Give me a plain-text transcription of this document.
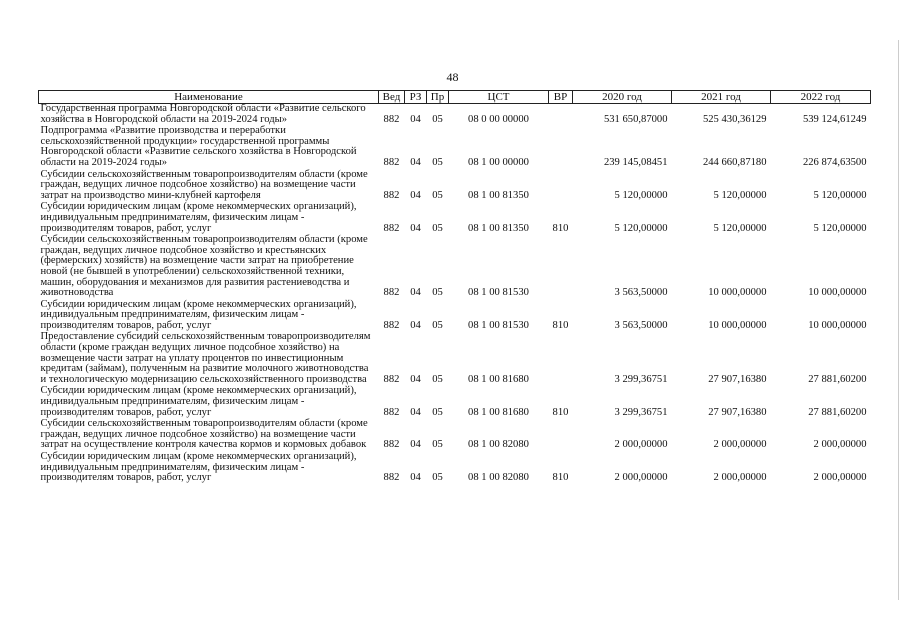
48
Наименование	Вед	РЗ	Пр	ЦСТ	ВР	2020 год	2021 год	2022 год
Государственная программа Новгородской области «Развитие сельского хозяйства в Новгородской области на 2019-2024 годы»	882	04	05	08 0 00 00000		531 650,87000	525 430,36129	539 124,61249
Подпрограмма «Развитие производства и переработки сельскохозяйственной продукции» государственной программы Новгородской области «Развитие сельского хозяйства в Новгородской области на 2019-2024 годы»	882	04	05	08 1 00 00000		239 145,08451	244 660,87180	226 874,63500
Субсидии сельскохозяйственным товаропроизводителям области (кроме граждан, ведущих личное подсобное хозяйство) на возмещение части затрат на производство мини-клубней картофеля	882	04	05	08 1 00 81350		5 120,00000	5 120,00000	5 120,00000
Субсидии юридическим лицам (кроме некоммерческих организаций), индивидуальным предпринимателям, физическим лицам - производителям товаров, работ, услуг	882	04	05	08 1 00 81350	810	5 120,00000	5 120,00000	5 120,00000
Субсидии сельскохозяйственным товаропроизводителям области (кроме граждан, ведущих личное подсобное хозяйство и крестьянских (фермерских) хозяйств) на возмещение части затрат на приобретение новой (не бывшей в употреблении) сельскохозяйственной техники, машин, оборудования и механизмов для развития растениеводства и животноводства	882	04	05	08 1 00 81530		3 563,50000	10 000,00000	10 000,00000
Субсидии юридическим лицам (кроме некоммерческих организаций), индивидуальным предпринимателям, физическим лицам - производителям товаров, работ, услуг	882	04	05	08 1 00 81530	810	3 563,50000	10 000,00000	10 000,00000
Предоставление субсидий сельскохозяйственным товаропроизводителям области (кроме граждан ведущих личное подсобное хозяйство) на возмещение части затрат на уплату процентов по инвестиционным кредитам (займам), полученным на развитие молочного животноводства и технологическую модернизацию сельскохозяйственного производства	882	04	05	08 1 00 81680		3 299,36751	27 907,16380	27 881,60200
Субсидии юридическим лицам (кроме некоммерческих организаций), индивидуальным предпринимателям, физическим лицам - производителям товаров, работ, услуг	882	04	05	08 1 00 81680	810	3 299,36751	27 907,16380	27 881,60200
Субсидии сельскохозяйственным товаропроизводителям области (кроме граждан, ведущих личное подсобное хозяйство) на возмещение части затрат на осуществление контроля качества кормов и кормовых добавок	882	04	05	08 1 00 82080		2 000,00000	2 000,00000	2 000,00000
Субсидии юридическим лицам (кроме некоммерческих организаций), индивидуальным предпринимателям, физическим лицам - производителям товаров, работ, услуг	882	04	05	08 1 00 82080	810	2 000,00000	2 000,00000	2 000,00000
